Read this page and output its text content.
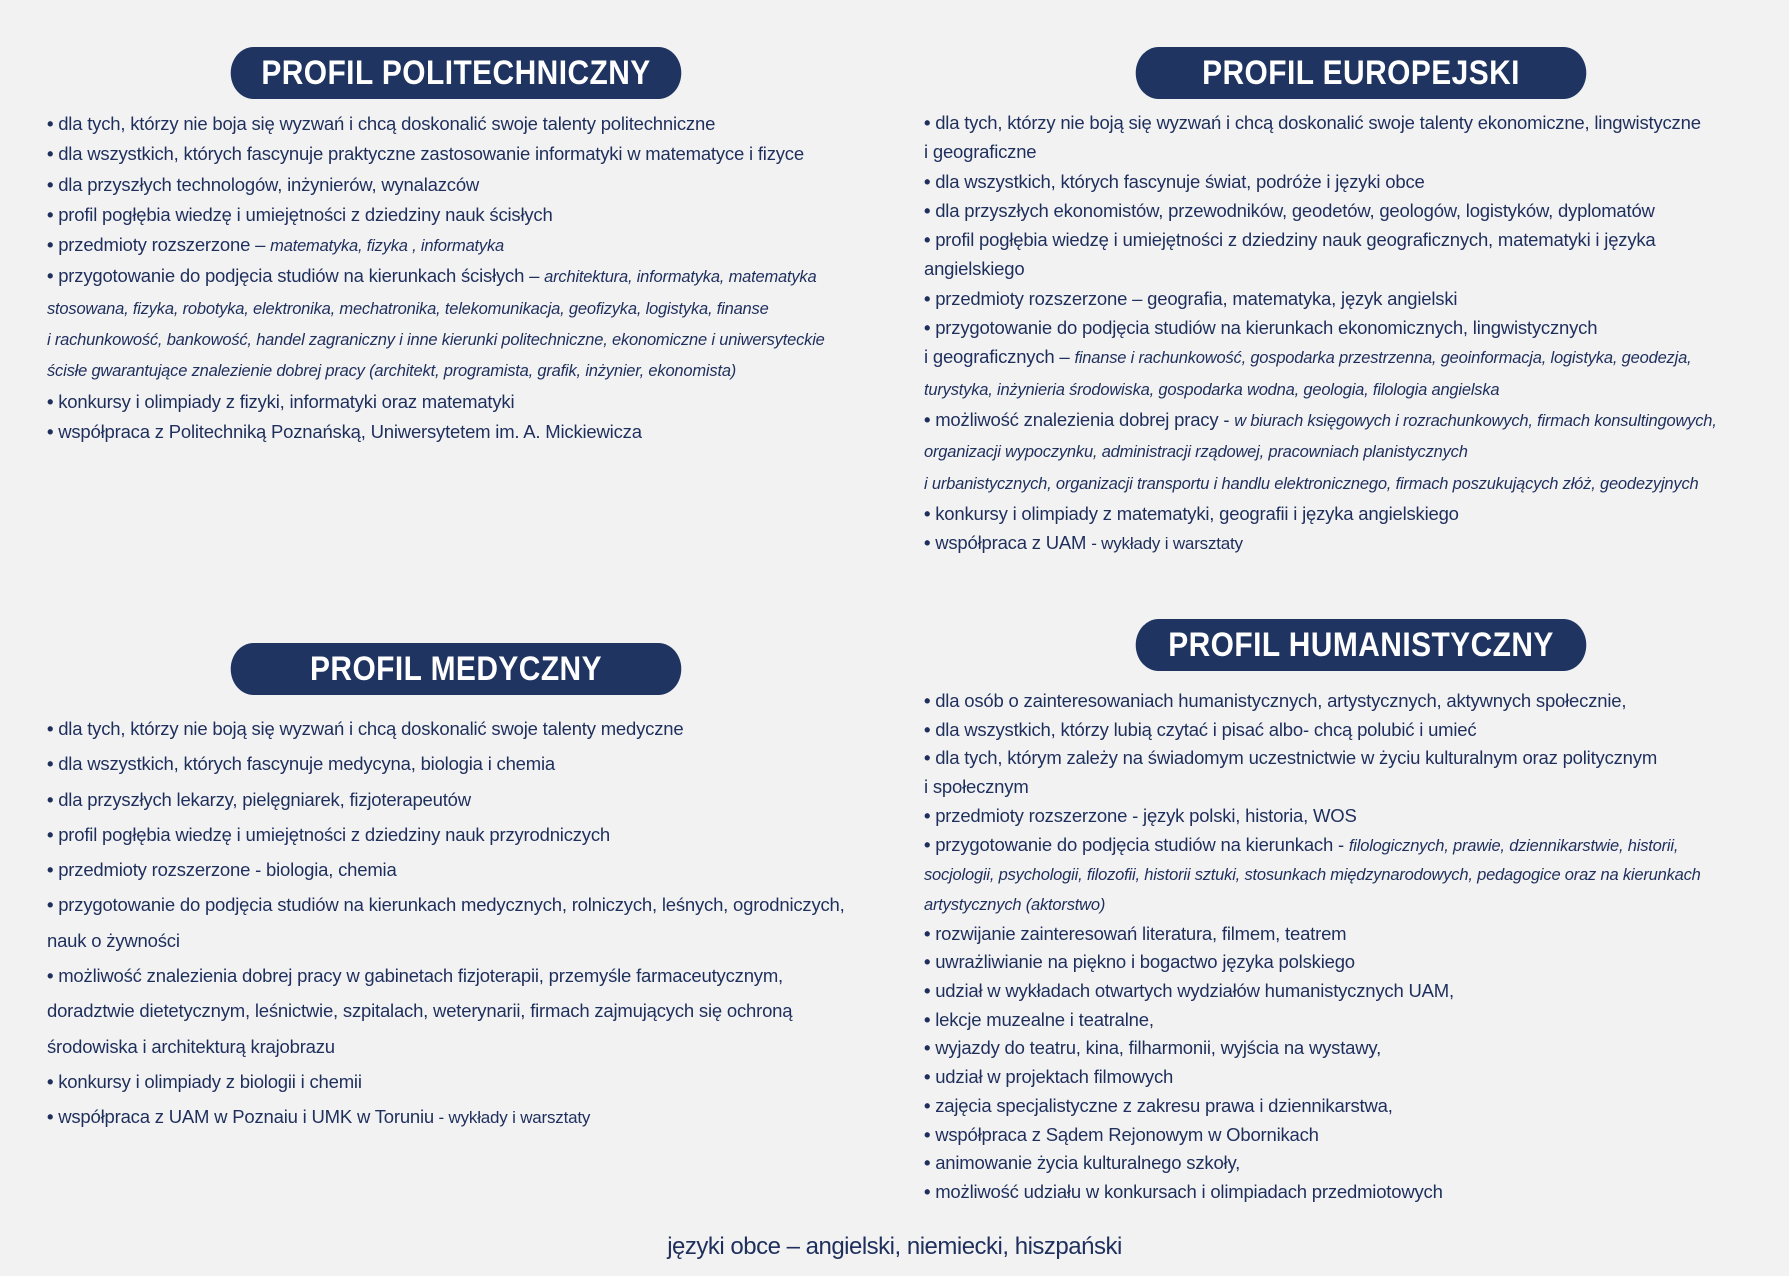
PROFIL POLITECHNICZNY
• dla tych, którzy nie boja się wyzwań i chcą doskonalić swoje talenty politechniczne
• dla wszystkich, których fascynuje praktyczne zastosowanie informatyki w matematyce i fizyce
• dla przyszłych technologów, inżynierów, wynalazców
• profil pogłębia wiedzę i umiejętności z dziedziny nauk ścisłych
• przedmioty rozszerzone – matematyka, fizyka , informatyka
• przygotowanie do podjęcia studiów na kierunkach ścisłych – architektura, informatyka, matematyka
stosowana, fizyka, robotyka, elektronika, mechatronika, telekomunikacja, geofizyka, logistyka, finanse
i rachunkowość, bankowość, handel zagraniczny i inne kierunki politechniczne, ekonomiczne i uniwersyteckie
ścisłe gwarantujące znalezienie dobrej pracy (architekt, programista, grafik, inżynier, ekonomista)
• konkursy i olimpiady z fizyki, informatyki oraz matematyki
• współpraca z Politechniką Poznańską, Uniwersytetem im. A. Mickiewicza
PROFIL EUROPEJSKI
• dla tych, którzy nie boją się wyzwań i chcą doskonalić swoje talenty ekonomiczne, lingwistyczne
i geograficzne
• dla wszystkich, których fascynuje świat, podróże i języki obce
• dla przyszłych ekonomistów, przewodników, geodetów, geologów, logistyków, dyplomatów
• profil pogłębia wiedzę i umiejętności z dziedziny nauk geograficznych, matematyki i języka
angielskiego
• przedmioty rozszerzone – geografia, matematyka, język angielski
• przygotowanie do podjęcia studiów na kierunkach ekonomicznych, lingwistycznych
i geograficznych – finanse i rachunkowość, gospodarka przestrzenna, geoinformacja, logistyka, geodezja,
turystyka, inżynieria środowiska, gospodarka wodna, geologia, filologia angielska
• możliwość znalezienia dobrej pracy - w biurach księgowych i rozrachunkowych, firmach konsultingowych,
organizacji wypoczynku, administracji rządowej, pracowniach planistycznych
i urbanistycznych, organizacji transportu i handlu elektronicznego, firmach poszukujących złóż, geodezyjnych
• konkursy i olimpiady z matematyki, geografii i języka angielskiego
• współpraca z UAM - wykłady i warsztaty
PROFIL MEDYCZNY
• dla tych, którzy nie boją się wyzwań i chcą doskonalić swoje talenty medyczne
• dla wszystkich, których fascynuje medycyna, biologia i chemia
• dla przyszłych lekarzy, pielęgniarek, fizjoterapeutów
• profil pogłębia wiedzę i umiejętności z dziedziny nauk przyrodniczych
• przedmioty rozszerzone - biologia, chemia
• przygotowanie do podjęcia studiów na kierunkach medycznych, rolniczych, leśnych, ogrodniczych,
nauk o żywności
• możliwość znalezienia dobrej pracy w gabinetach fizjoterapii, przemyśle farmaceutycznym,
doradztwie dietetycznym, leśnictwie, szpitalach, weterynarii, firmach zajmujących się ochroną
środowiska i architekturą krajobrazu
• konkursy i olimpiady z biologii i chemii
• współpraca z UAM w Poznaiu i UMK w Toruniu - wykłady i warsztaty
PROFIL HUMANISTYCZNY
• dla osób o zainteresowaniach humanistycznych, artystycznych, aktywnych społecznie,
• dla wszystkich, którzy lubią czytać i pisać albo- chcą polubić i umieć
• dla tych, którym zależy na świadomym uczestnictwie w życiu kulturalnym oraz politycznym
i społecznym
• przedmioty rozszerzone - język polski, historia, WOS
• przygotowanie do podjęcia studiów na kierunkach - filologicznych, prawie, dziennikarstwie, historii,
socjologii, psychologii, filozofii, historii sztuki, stosunkach międzynarodowych, pedagogice oraz na kierunkach
artystycznych (aktorstwo)
• rozwijanie zainteresowań literatura, filmem, teatrem
• uwrażliwianie na piękno i bogactwo języka polskiego
• udział w wykładach otwartych wydziałów humanistycznych UAM,
• lekcje muzealne i teatralne,
• wyjazdy do teatru, kina, filharmonii, wyjścia na wystawy,
• udział w projektach filmowych
• zajęcia specjalistyczne z zakresu prawa i dziennikarstwa,
• współpraca z Sądem Rejonowym w Obornikach
• animowanie życia kulturalnego szkoły,
• możliwość udziału w konkursach i olimpiadach przedmiotowych
języki obce – angielski, niemiecki, hiszpański
